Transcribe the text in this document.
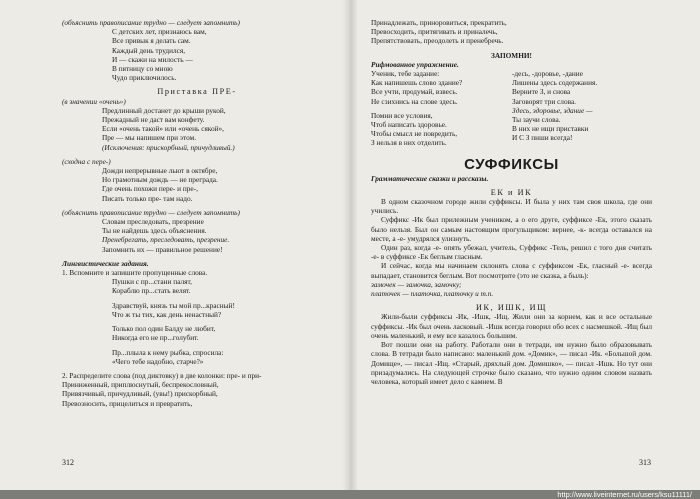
(объяснить правописание трудно — следует запомнить)
С детских лет, признаюсь вам,
Все привык я делать сам.
Каждый день трудился,
И — скажи на милость —
В пятницу со мною
Чудо приключилось.
Приставка ПРЕ-
(в значении «очень»)
Предлинный достанет до крыши рукой,
Прежадный не даст вам конфету.
Если «очень такой» или «очень сякой»,
Пре — мы напишем при этом.
(Исключения: прискорбный, причудливый.)
(сходна с пере-)
Дожди непрерывные льют в октябре,
Но грамотным дождь — не преграда.
Где очень похожи пере- и пре-,
Писать только пре- там надо.
(объяснить правописание трудно — следует запомнить)
Словам преследовать, презрение
Ты не найдешь здесь объяснения.
Пренебрегать, преследовать, презрение.
Запомнить их — правильное решение!
Лингвистические задания.
1. Вспомните и запишите пропущенные слова.
Пушки с пр...стани палят,
Кораблю пр...стать велят.
Здравствуй, князь ты мой пр...красный!
Что ж ты тих, как день ненастный?
Только пол один Балду не любит,
Никогда его не пр...голубит.
Пр...плыла к нему рыбка, спросила:
«Чего тебе надобно, старче?»
2. Распределите слова (под диктовку) в две колонки: пре- и при-
Приниженный, приплюснутый, беспрекословный,
Привязчивый, причудливый, (увы!) прискорбный,
Превозносить, прицелиться и превратить,
312
Принадлежать, приноровиться, прекратить,
Превосходить, притягивать и приналечь,
Препятствовать, преодолеть и пренебречь.
ЗАПОМНИ!
Рифмованное упражнение.
Ученик, тебе задание:
Как напишешь слово здание?
Все учти, продумай, взвесь.
Не сзихнись на слове здесь.
Помни все условия,
Чтоб написать здоровье.
Чтобы смысл не повредить,
З нельзя в них отделить.
-десь, -доровье, -дание
Лишены здесь содержания.
Верните З, и снова
Заговорят три слова.
Здесь, здоровье, здание —
Ты заучи слова.
В них не ищи приставки
И С З пиши всегда!
СУФФИКСЫ
Грамматические сказки и рассказы.
ЕК и ИК
В одном сказочном городе жили суффиксы. И была у них там своя школа, где они учились.
Суффикс -Ик был прилежным учеником, а о его друге, суффиксе -Ек, этого сказать было нельзя. Был он самым настоящим прогульщиком: вернее, -к- всегда оставался на месте, а -е- умудрялся улизнуть.
Один раз, когда -е- опять убежал, учитель, Суффикс -Тель, решил с того дня считать -е- в суффиксе -Ек беглым гласным.
И сейчас, когда мы начинаем склонять слова с суффиксом -Ек, гласный -е- всегда выпадает, становится беглым. Вот посмотрите (это не сказка, а быль):
замочек — замочка, замочку;
платочек — платочка, платочку и т.п.
ИК, ИШК, ИЩ
Жили-были суффиксы -Ик, -Ишк, -Ищ. Жили они за корнем, как и все остальные суффиксы. -Ик был очень ласковый. -Ишк всегда говорил обо всех с насмешкой. -Ищ был очень маленький, и ему все казалось большим.
Вот пошли они на работу. Работали они в тетради, им нужно было образовывать слова. В тетради было написано: маленький дом. «Домик», — писал -Ик. «Большой дом. Домище», — писал -Ищ. «Старый, дряхлый дом. Домишко», — писал -Ишк. Но тут они призадумались. На следующей строчке было сказано, что нужно одним словом назвать человека, который имеет дело с камнем. В
313
http://www.liveinternet.ru/users/ksu11111/
